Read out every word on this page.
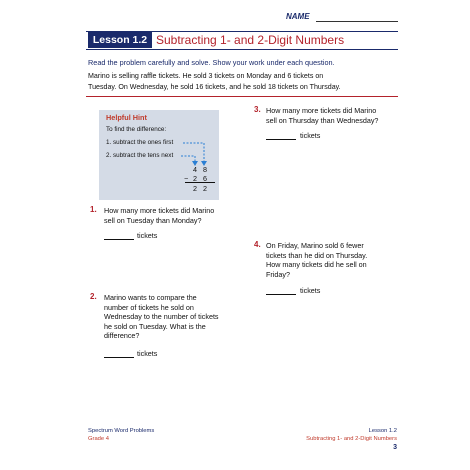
NAME
Lesson 1.2 Subtracting 1- and 2-Digit Numbers
Read the problem carefully and solve. Show your work under each question.
Marino is selling raffle tickets. He sold 3 tickets on Monday and 6 tickets on
Tuesday. On Wednesday, he sold 16 tickets, and he sold 18 tickets on Thursday.
Helpful Hint
To find the difference:
1. subtract the ones first
2. subtract the tens next
4 8
− 2 6
2 2
1. How many more tickets did Marino
sell on Tuesday than Monday?
tickets
2. Marino wants to compare the
number of tickets he sold on
Wednesday to the number of tickets
he sold on Tuesday. What is the
difference?
tickets
3. How many more tickets did Marino
sell on Thursday than Wednesday?
tickets
4. On Friday, Marino sold 6 fewer
tickets than he did on Thursday.
How many tickets did he sell on
Friday?
tickets
Spectrum Word Problems
Grade 4
Lesson 1.2
Subtracting 1- and 2-Digit Numbers
3
